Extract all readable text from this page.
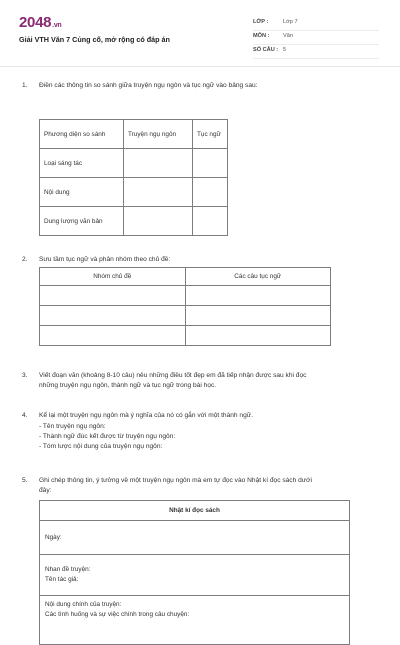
2048.vn
Giải VTH Văn 7 Củng cố, mở rộng có đáp án
LỚP :	Lớp 7
MÔN : Văn
SỐ CÂU : 5
1. Điền các thông tin so sánh giữa truyện ngụ ngôn và tục ngữ vào bảng sau:
Phương diện so sánh	Truyện ngụ ngôn	Tục ngữ
Loại sáng tác		
Nội dung		
Dung lượng văn bản		
2. Sưu tầm tục ngữ và phân nhóm theo chủ đề:
Nhóm chủ đề	Các câu tục ngữ

3. Viết đoạn văn (khoảng 8-10 câu) nêu những điều tốt đẹp em đã tiếp nhận được sau khi đọc
những truyện ngụ ngôn, thành ngữ và tục ngữ trong bài học.
4. Kể lại một truyện ngụ ngôn mà ý nghĩa của nó có gắn với một thành ngữ.
- Tên truyện ngụ ngôn:
- Thành ngữ đúc kết được từ truyện ngụ ngôn:
- Tóm lược nội dung của truyện ngụ ngôn:
5. Ghi chép thông tin, ý tưởng về một truyện ngụ ngôn mà em tự đọc vào Nhật kí đọc sách dưới
đây:
Nhật kí đọc sách

Ngày:

Nhan đề truyện:
Tên tác giả:

Nội dung chính của truyện:
Các tình huống và sự việc chính trong câu chuyện:
